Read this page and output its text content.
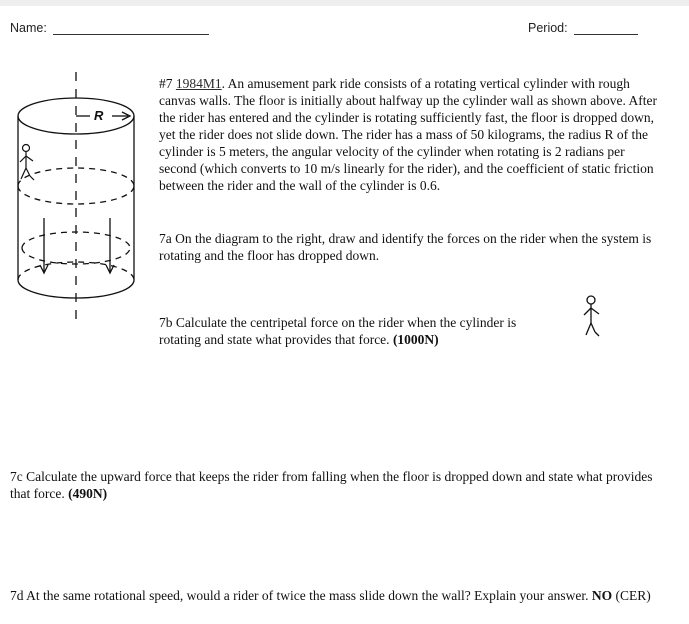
Name:	Period:
R
#7 1984M1. An amusement park ride consists of a rotating vertical cylinder with rough canvas walls. The floor is initially about halfway up the cylinder wall as shown above. After the rider has entered and the cylinder is rotating sufficiently fast, the floor is dropped down, yet the rider does not slide down. The rider has a mass of 50 kilograms, the radius R of the cylinder is 5 meters, the angular velocity of the cylinder when rotating is 2 radians per second (which converts to 10 m/s linearly for the rider), and the coefficient of static friction between the rider and the wall of the cylinder is 0.6.
7a On the diagram to the right, draw and identify the forces on the rider when the system is rotating and the floor has dropped down.
7b Calculate the centripetal force on the rider when the cylinder is rotating and state what provides that force. (1000N)
7c Calculate the upward force that keeps the rider from falling when the floor is dropped down and state what provides that force. (490N)
7d At the same rotational speed, would a rider of twice the mass slide down the wall? Explain your answer. NO (CER)
